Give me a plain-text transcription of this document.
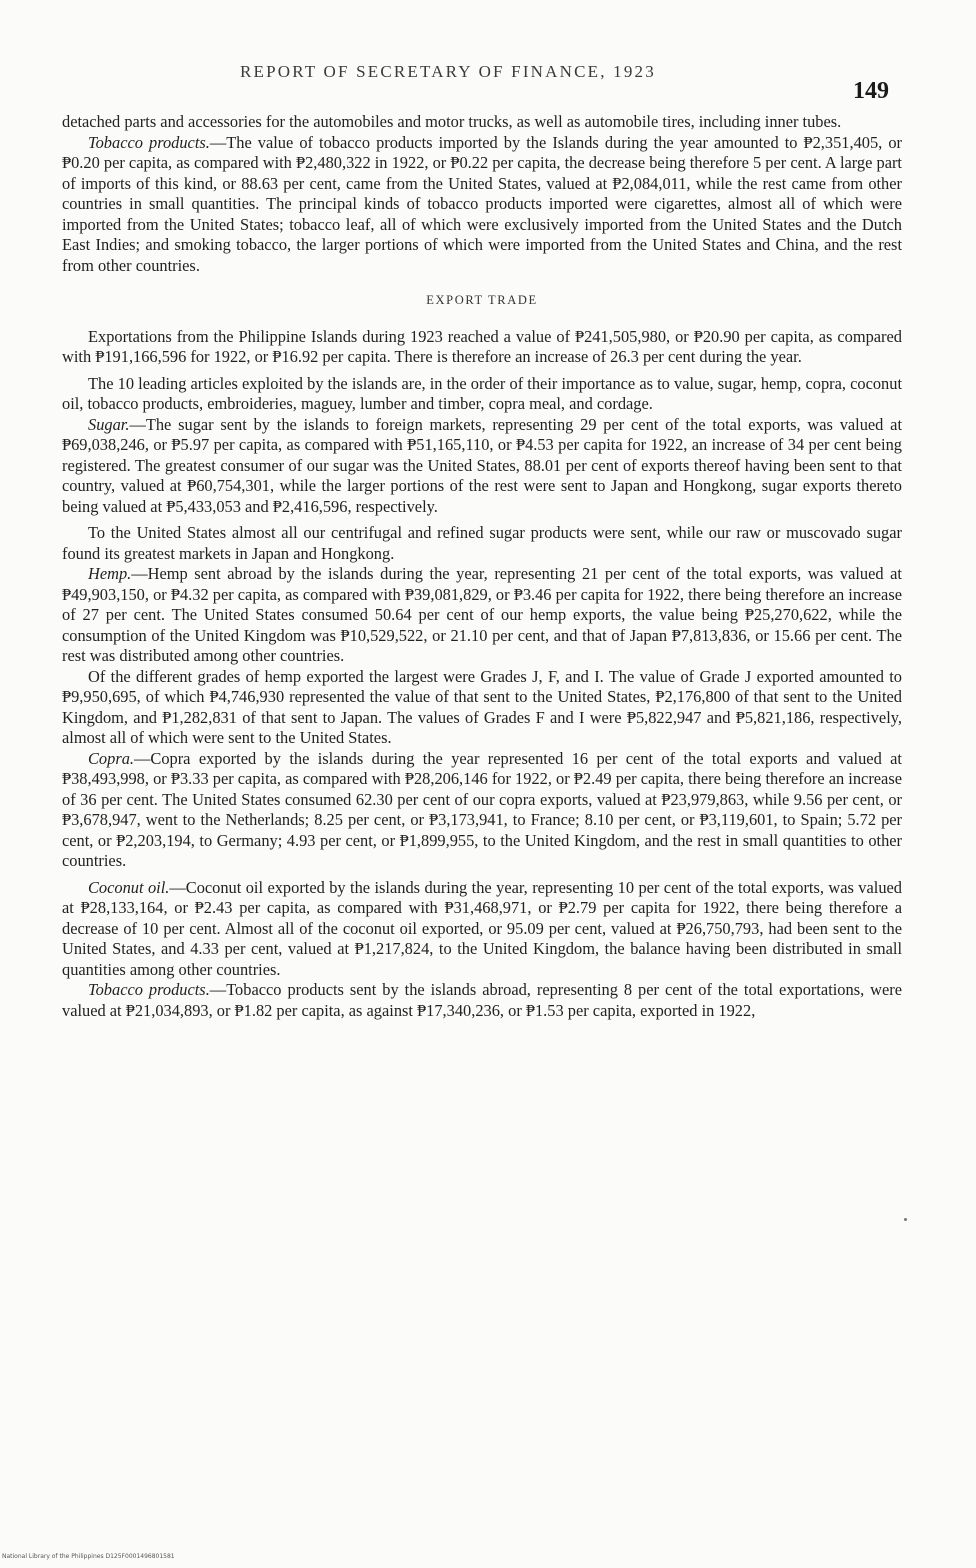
REPORT OF SECRETARY OF FINANCE, 1923
149

detached parts and accessories for the automobiles and motor trucks, as well as automobile tires, including inner tubes.

Tobacco products.—The value of tobacco products imported by the Islands during the year amounted to ₱2,351,405, or ₱0.20 per capita, as compared with ₱2,480,322 in 1922, or ₱0.22 per capita, the decrease being therefore 5 per cent. A large part of imports of this kind, or 88.63 per cent, came from the United States, valued at ₱2,084,011, while the rest came from other countries in small quantities. The principal kinds of tobacco products imported were cigarettes, almost all of which were imported from the United States; tobacco leaf, all of which were exclusively imported from the United States and the Dutch East Indies; and smoking tobacco, the larger portions of which were imported from the United States and China, and the rest from other countries.

EXPORT TRADE

Exportations from the Philippine Islands during 1923 reached a value of ₱241,505,980, or ₱20.90 per capita, as compared with ₱191,166,596 for 1922, or ₱16.92 per capita. There is therefore an increase of 26.3 per cent during the year.

The 10 leading articles exploited by the islands are, in the order of their importance as to value, sugar, hemp, copra, coconut oil, tobacco products, embroideries, maguey, lumber and timber, copra meal, and cordage.

Sugar.—The sugar sent by the islands to foreign markets, representing 29 per cent of the total exports, was valued at ₱69,038,246, or ₱5.97 per capita, as compared with ₱51,165,110, or ₱4.53 per capita for 1922, an increase of 34 per cent being registered. The greatest consumer of our sugar was the United States, 88.01 per cent of exports thereof having been sent to that country, valued at ₱60,754,301, while the larger portions of the rest were sent to Japan and Hongkong, sugar exports thereto being valued at ₱5,433,053 and ₱2,416,596, respectively.

To the United States almost all our centrifugal and refined sugar products were sent, while our raw or muscovado sugar found its greatest markets in Japan and Hongkong.

Hemp.—Hemp sent abroad by the islands during the year, representing 21 per cent of the total exports, was valued at ₱49,903,150, or ₱4.32 per capita, as compared with ₱39,081,829, or ₱3.46 per capita for 1922, there being therefore an increase of 27 per cent. The United States consumed 50.64 per cent of our hemp exports, the value being ₱25,270,622, while the consumption of the United Kingdom was ₱10,529,522, or 21.10 per cent, and that of Japan ₱7,813,836, or 15.66 per cent. The rest was distributed among other countries.

Of the different grades of hemp exported the largest were Grades J, F, and I. The value of Grade J exported amounted to ₱9,950,695, of which ₱4,746,930 represented the value of that sent to the United States, ₱2,176,800 of that sent to the United Kingdom, and ₱1,282,831 of that sent to Japan. The values of Grades F and I were ₱5,822,947 and ₱5,821,186, respectively, almost all of which were sent to the United States.

Copra.—Copra exported by the islands during the year represented 16 per cent of the total exports and valued at ₱38,493,998, or ₱3.33 per capita, as compared with ₱28,206,146 for 1922, or ₱2.49 per capita, there being therefore an increase of 36 per cent. The United States consumed 62.30 per cent of our copra exports, valued at ₱23,979,863, while 9.56 per cent, or ₱3,678,947, went to the Netherlands; 8.25 per cent, or ₱3,173,941, to France; 8.10 per cent, or ₱3,119,601, to Spain; 5.72 per cent, or ₱2,203,194, to Germany; 4.93 per cent, or ₱1,899,955, to the United Kingdom, and the rest in small quantities to other countries.

Coconut oil.—Coconut oil exported by the islands during the year, representing 10 per cent of the total exports, was valued at ₱28,133,164, or ₱2.43 per capita, as compared with ₱31,468,971, or ₱2.79 per capita for 1922, there being therefore a decrease of 10 per cent. Almost all of the coconut oil exported, or 95.09 per cent, valued at ₱26,750,793, had been sent to the United States, and 4.33 per cent, valued at ₱1,217,824, to the United Kingdom, the balance having been distributed in small quantities among other countries.

Tobacco products.—Tobacco products sent by the islands abroad, representing 8 per cent of the total exportations, were valued at ₱21,034,893, or ₱1.82 per capita, as against ₱17,340,236, or ₱1.53 per capita, exported in 1922,

National Library of the Philippines D125F0001496801581
